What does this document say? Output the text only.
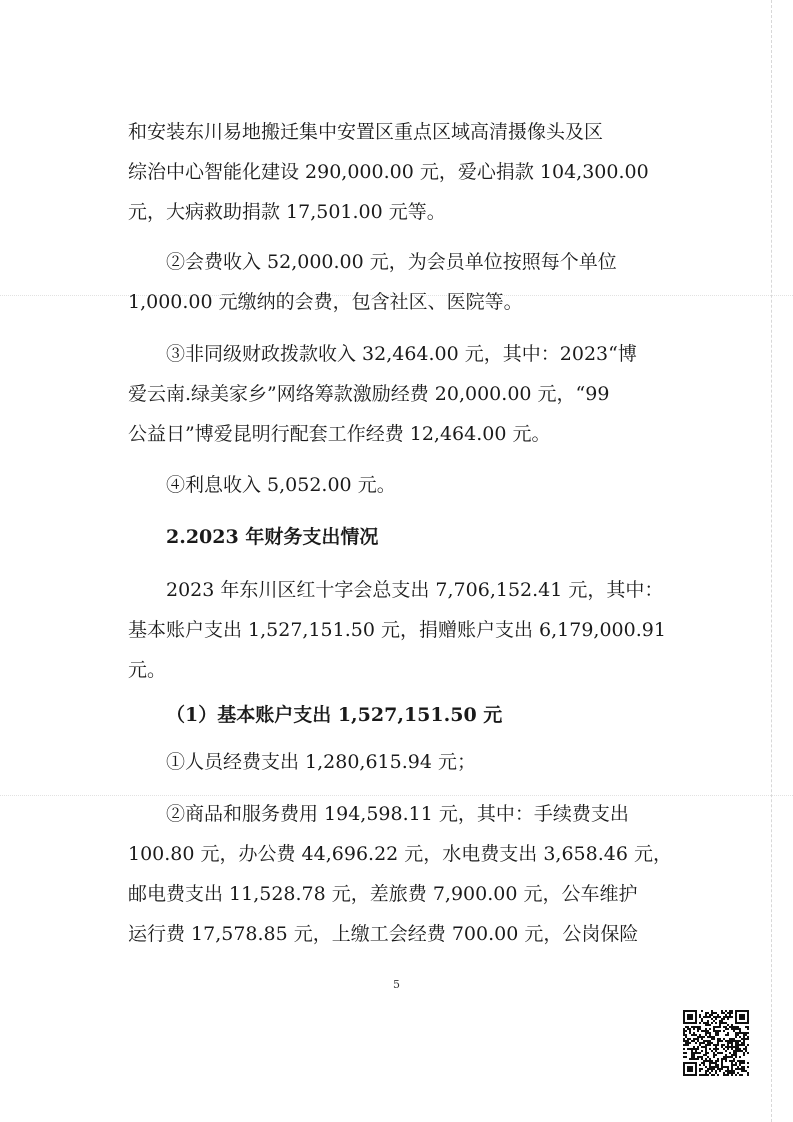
和安装东川易地搬迁集中安置区重点区域高清摄像头及区
综治中心智能化建设 290,000.00 元，爱心捐款 104,300.00
元，大病救助捐款 17,501.00 元等。

②会费收入 52,000.00 元，为会员单位按照每个单位
1,000.00 元缴纳的会费，包含社区、医院等。

③非同级财政拨款收入 32,464.00 元，其中：2023“博
爱云南.绿美家乡”网络筹款激励经费 20,000.00 元，“99
公益日”博爱昆明行配套工作经费 12,464.00 元。

④利息收入 5,052.00 元。

2.2023 年财务支出情况

2023 年东川区红十字会总支出 7,706,152.41 元，其中：
基本账户支出 1,527,151.50 元，捐赠账户支出 6,179,000.91
元。

（1）基本账户支出 1,527,151.50 元

①人员经费支出 1,280,615.94 元；

②商品和服务费用 194,598.11 元，其中：手续费支出
100.80 元，办公费 44,696.22 元，水电费支出 3,658.46 元，
邮电费支出 11,528.78 元，差旅费 7,900.00 元，公车维护
运行费 17,578.85 元，上缴工会经费 700.00 元，公岗保险

5
